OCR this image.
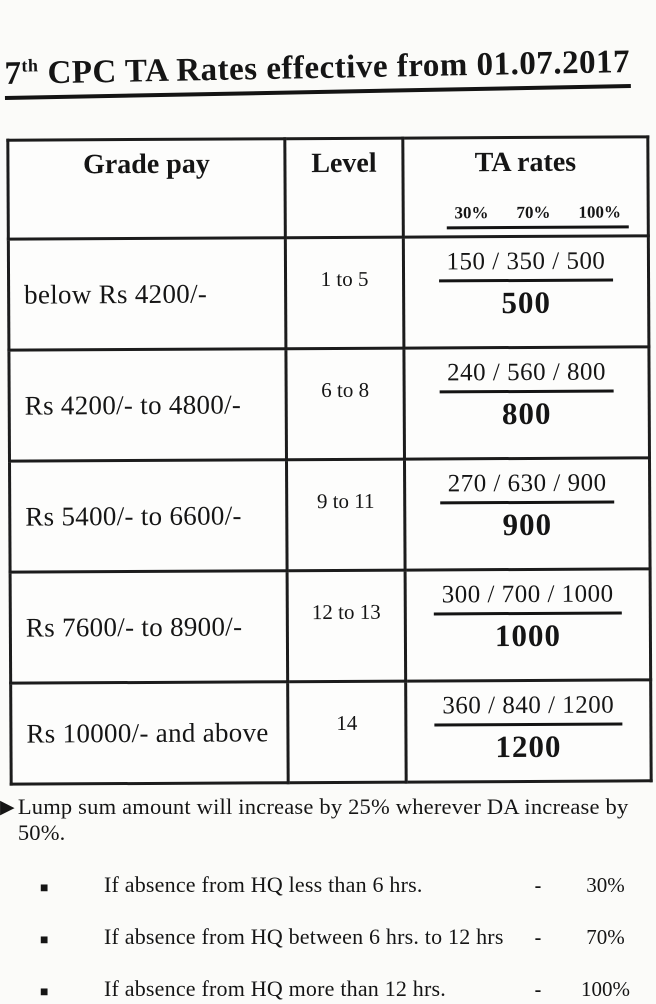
7th CPC TA Rates effective from 01.07.2017
Grade pay	Level	TA rates
30% 70% 100%

below Rs 4200/-	1 to 5	150 / 350 / 500
500

Rs 4200/- to 4800/-	6 to 8	240 / 560 / 800
800

Rs 5400/- to 6600/-	9 to 11	270 / 630 / 900
900

Rs 7600/- to 8900/-	12 to 13	300 / 700 / 1000
1000

Rs 10000/- and above	14	360 / 840 / 1200
1200
▶ Lump sum amount will increase by 25% wherever DA increase by 50%.
■	If absence from HQ less than 6 hrs.	-	30%
■	If absence from HQ between 6 hrs. to 12 hrs	-	70%
■	If absence from HQ more than 12 hrs.	-	100%
